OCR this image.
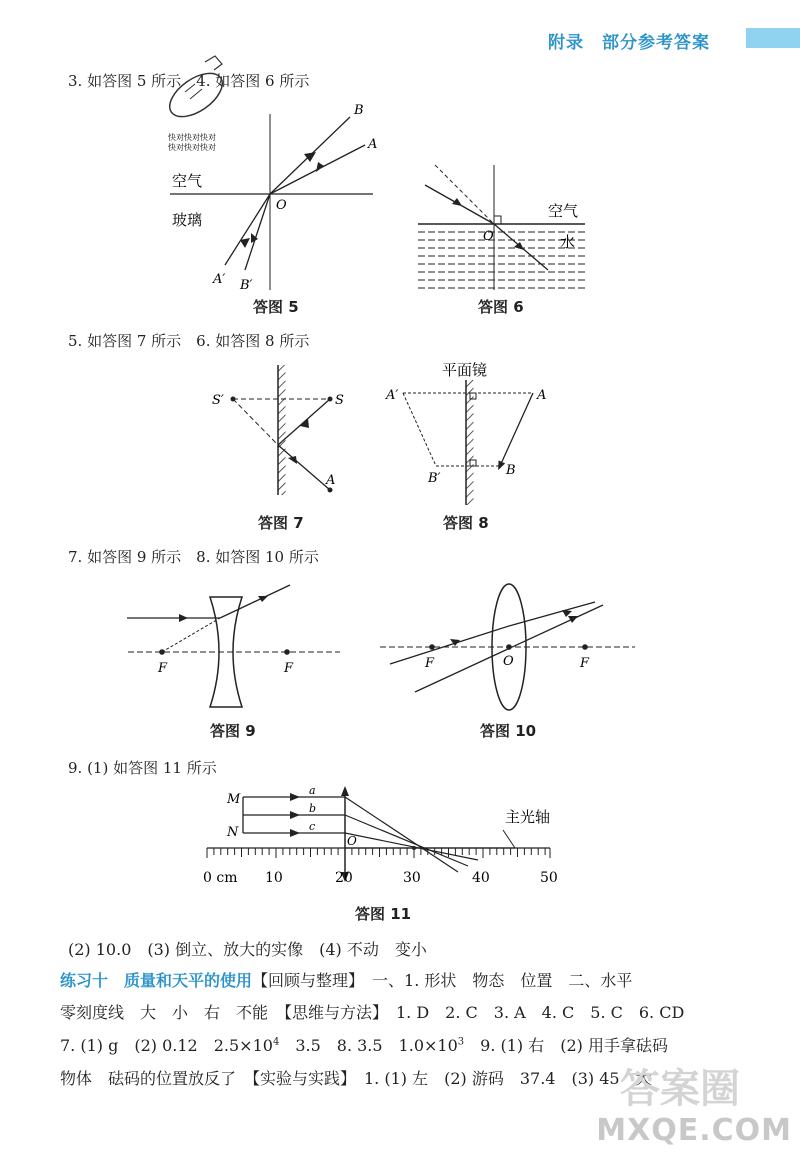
附录　部分参考答案
3. 如答图 5 所示　4. 如答图 6 所示
快对快对快对
快对快对快对
空气
玻璃
O
B
A
A′ B′
空气
水
O
S′	S
A
平面镜
A′	A
B′
B
F	F	F	O	F
M
N
a
b
c
O
主光轴
0 cm 10	20	30	40	50
答图 5	答图 6
5. 如答图 7 所示　6. 如答图 8 所示
答图 7	答图 8
7. 如答图 9 所示　8. 如答图 10 所示
答图 9	答图 10
9. (1) 如答图 11 所示
答图 11
(2) 10.0　(3) 倒立、放大的实像　(4) 不动　变小
练习十　质量和天平的使用【回顾与整理】　一、1. 形状　物态　位置　二、水平
零刻度线　大　小　右　不能　【思维与方法】　1. D　2. C　3. A　4. C　5. C　6. CD
7. (1) g　(2) 0.12　$2.5\times 10^4$　3.5　8. 3.5　$1.0\times 10^3$　9. (1) 右　(2) 用手拿砝码
物体　砝码的位置放反了　【实验与实践】　1. (1) 左　(2) 游码　37.4　(3) 45　大
答案圈
MXQE.COM
